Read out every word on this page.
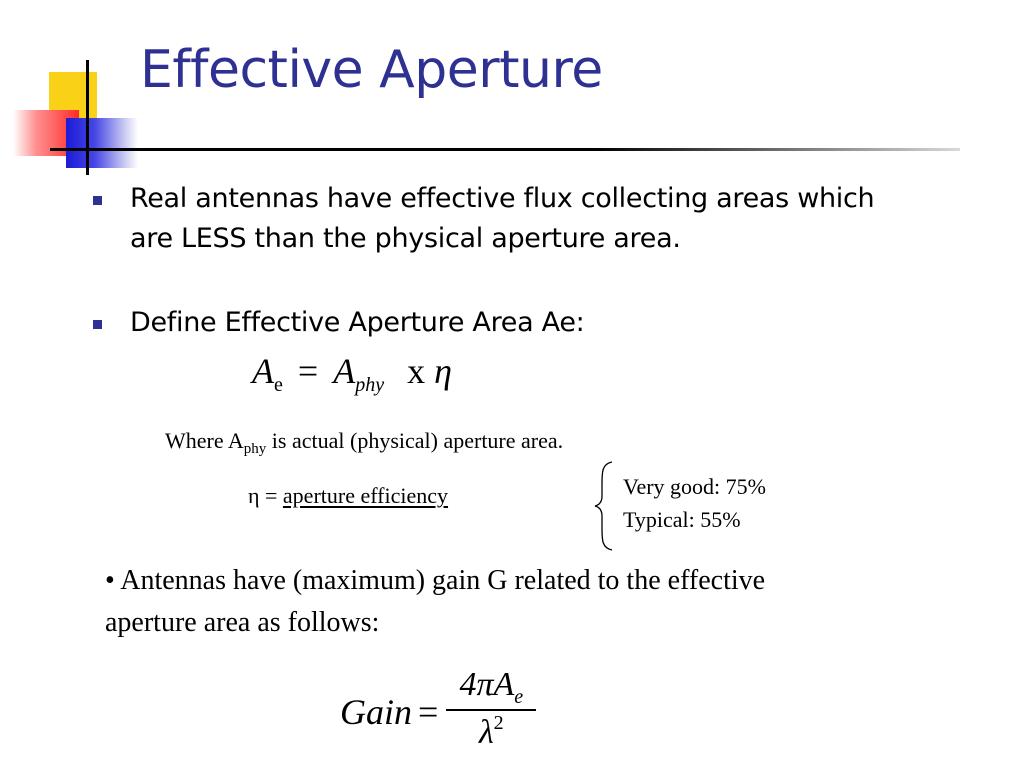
Effective Aperture

Real antennas have effective flux collecting areas which are LESS than the physical aperture area.

Define Effective Aperture Area Ae:

$A_e = A_{phy}$ x η
Where $A_{phy}$ is actual (physical) aperture area.
η = aperture efficiency	Very good: 75%
Typical: 55%

• Antennas have (maximum) gain G related to the effective aperture area as follows:

Gain = $\frac{4\pi A_e}{\lambda^2}$
